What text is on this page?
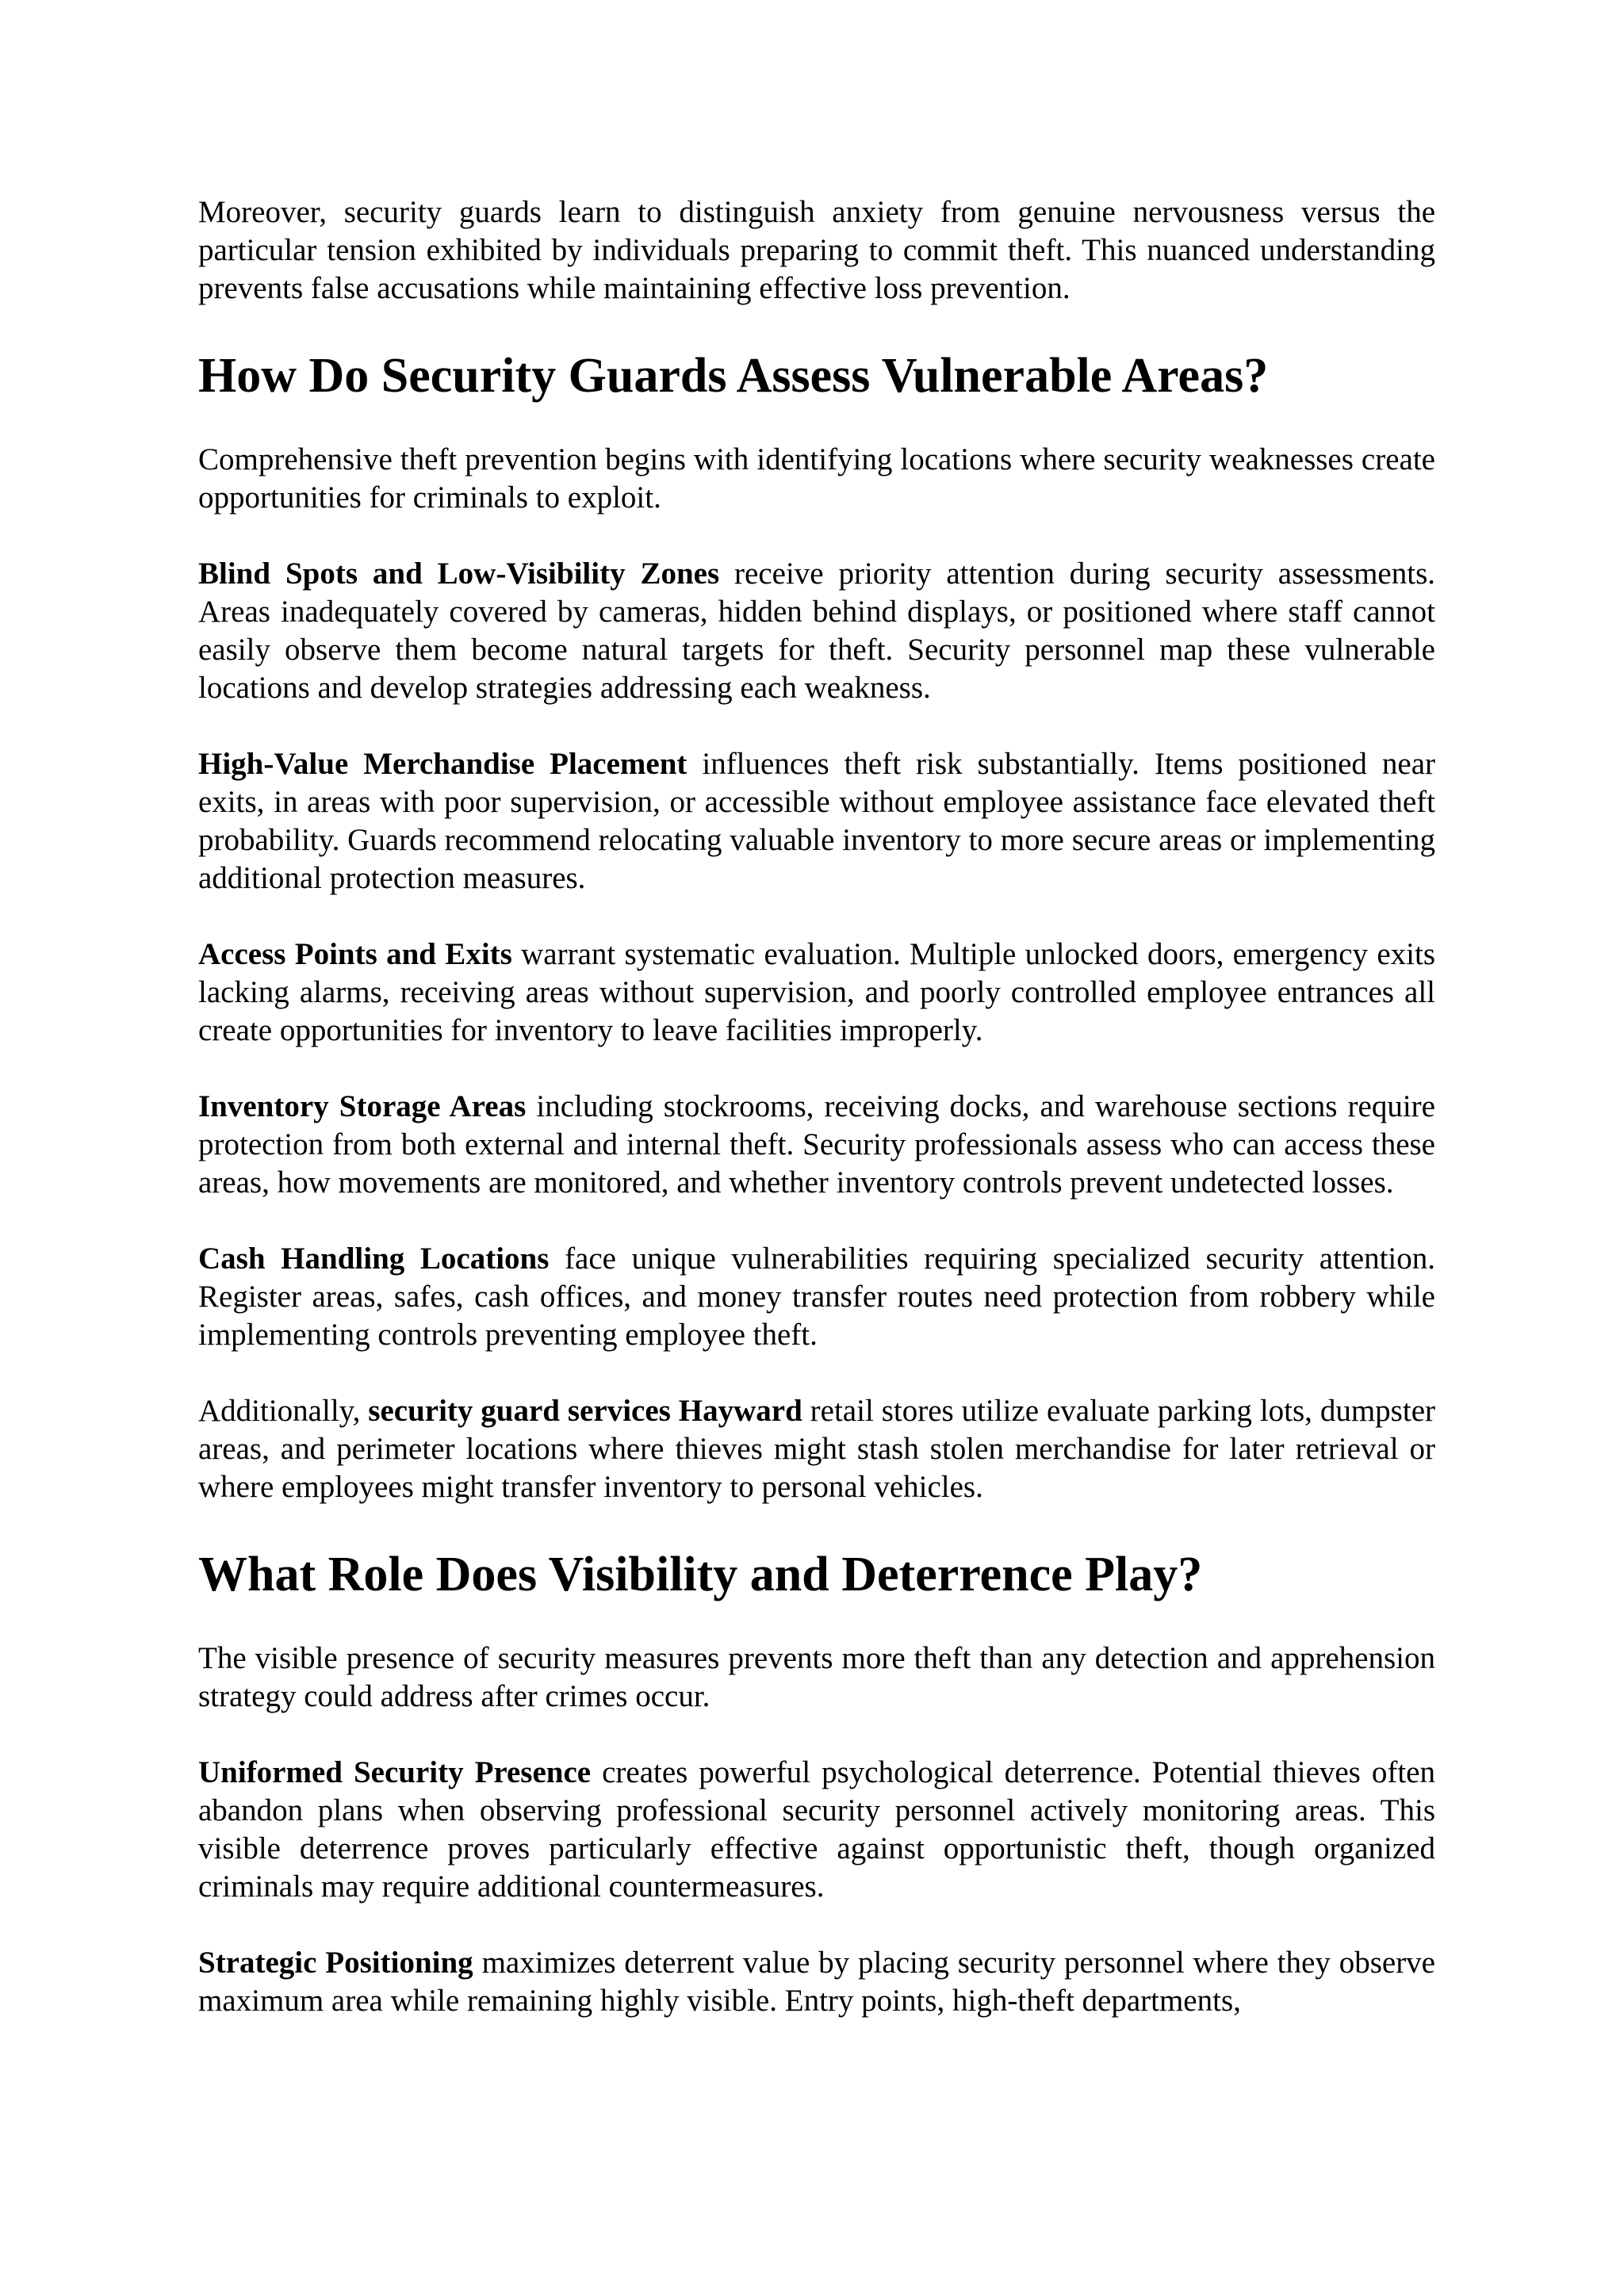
Moreover, security guards learn to distinguish anxiety from genuine nervousness versus the particular tension exhibited by individuals preparing to commit theft. This nuanced understanding prevents false accusations while maintaining effective loss prevention.

How Do Security Guards Assess Vulnerable Areas?

Comprehensive theft prevention begins with identifying locations where security weaknesses create opportunities for criminals to exploit.

Blind Spots and Low-Visibility Zones receive priority attention during security assessments. Areas inadequately covered by cameras, hidden behind displays, or positioned where staff cannot easily observe them become natural targets for theft. Security personnel map these vulnerable locations and develop strategies addressing each weakness.

High-Value Merchandise Placement influences theft risk substantially. Items positioned near exits, in areas with poor supervision, or accessible without employee assistance face elevated theft probability. Guards recommend relocating valuable inventory to more secure areas or implementing additional protection measures.

Access Points and Exits warrant systematic evaluation. Multiple unlocked doors, emergency exits lacking alarms, receiving areas without supervision, and poorly controlled employee entrances all create opportunities for inventory to leave facilities improperly.

Inventory Storage Areas including stockrooms, receiving docks, and warehouse sections require protection from both external and internal theft. Security professionals assess who can access these areas, how movements are monitored, and whether inventory controls prevent undetected losses.

Cash Handling Locations face unique vulnerabilities requiring specialized security attention. Register areas, safes, cash offices, and money transfer routes need protection from robbery while implementing controls preventing employee theft.

Additionally, security guard services Hayward retail stores utilize evaluate parking lots, dumpster areas, and perimeter locations where thieves might stash stolen merchandise for later retrieval or where employees might transfer inventory to personal vehicles.

What Role Does Visibility and Deterrence Play?

The visible presence of security measures prevents more theft than any detection and apprehension strategy could address after crimes occur.

Uniformed Security Presence creates powerful psychological deterrence. Potential thieves often abandon plans when observing professional security personnel actively monitoring areas. This visible deterrence proves particularly effective against opportunistic theft, though organized criminals may require additional countermeasures.

Strategic Positioning maximizes deterrent value by placing security personnel where they observe maximum area while remaining highly visible. Entry points, high-theft departments,
